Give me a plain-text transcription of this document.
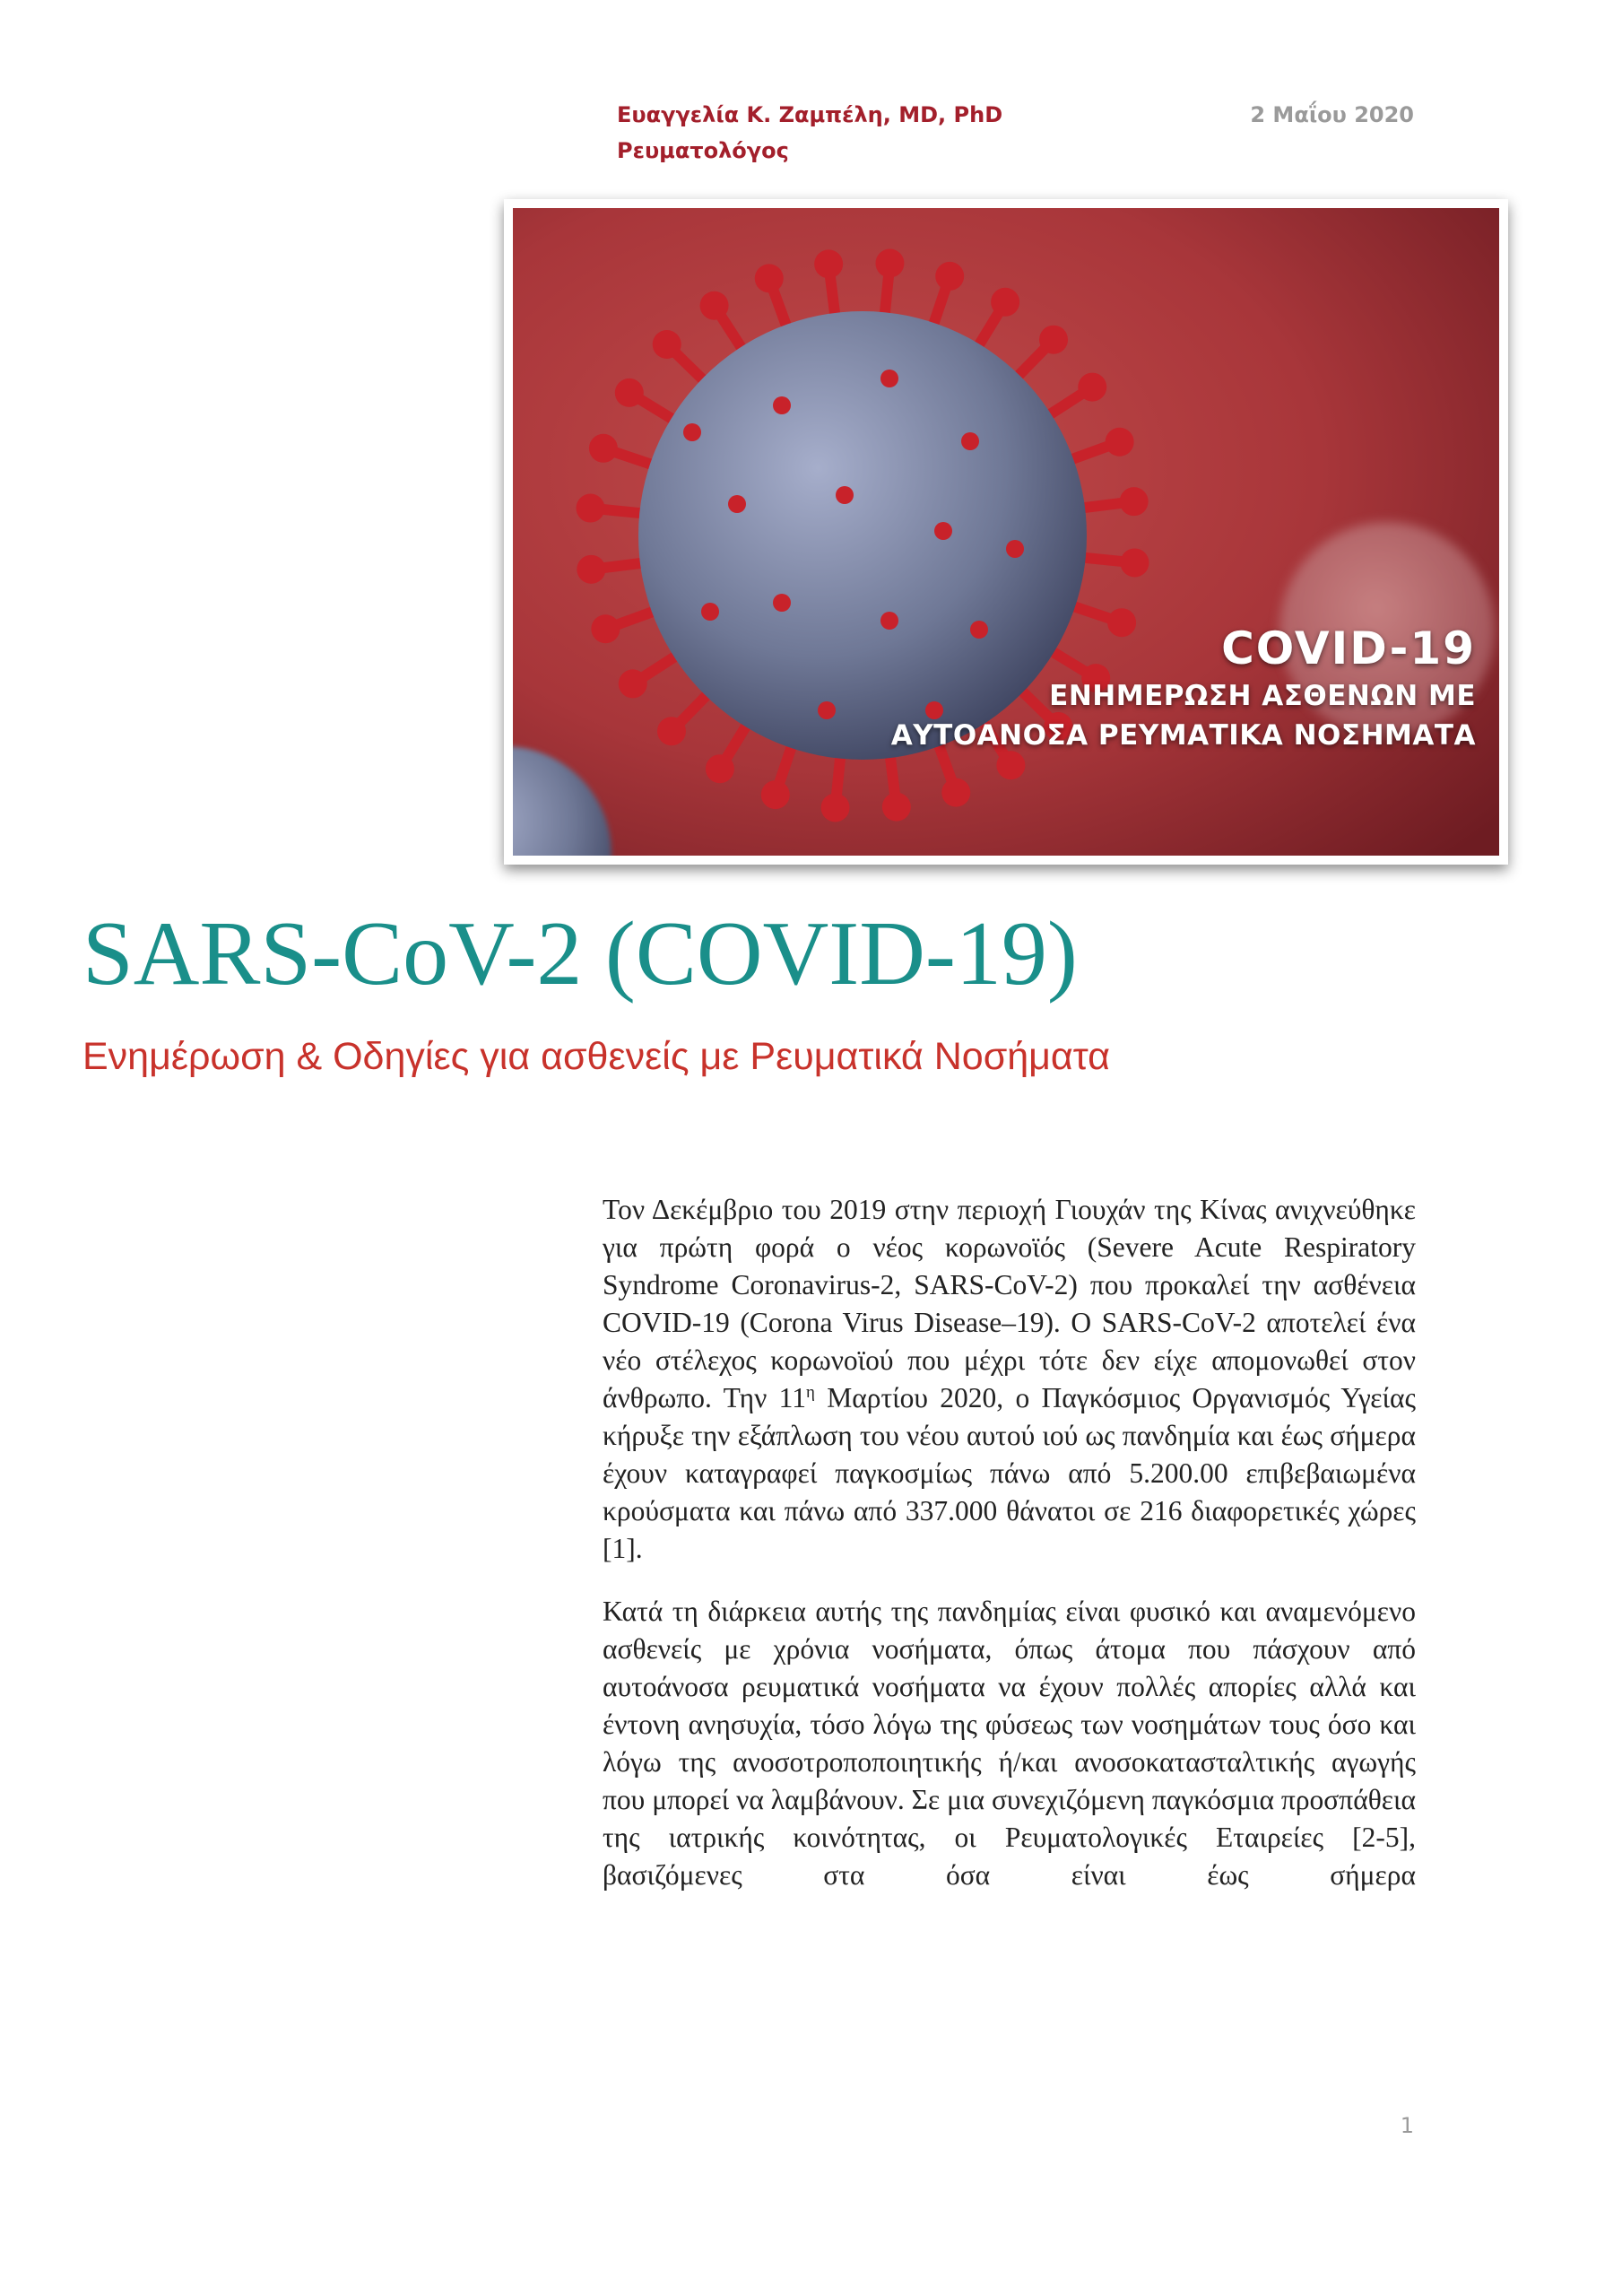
Ευαγγελία Κ. Ζαμπέλη, MD, PhD
Ρευματολόγος
2 Μαΐου 2020
COVID-19
ΕΝΗΜΕΡΩΣΗ ΑΣΘΕΝΩΝ ΜΕ
ΑΥΤΟΑΝΟΣΑ ΡΕΥΜΑΤΙΚΑ ΝΟΣΗΜΑΤΑ
SARS-CoV-2 (COVID-19)
Ενημέρωση & Οδηγίες για ασθενείς με Ρευματικά Νοσήματα

Τον Δεκέμβριο του 2019 στην περιοχή Γιουχάν της Κίνας ανιχνεύθηκε για πρώτη φορά ο νέος κορωνοϊός (Severe Acute Respiratory Syndrome Coronavirus-2, SARS-CoV-2) που προκαλεί την ασθένεια COVID-19 (Corona Virus Disease–19). Ο SARS-CoV-2 αποτελεί ένα νέο στέλεχος κορωνοϊού που μέχρι τότε δεν είχε απομονωθεί στον άνθρωπο. Την $11^\eta$ Μαρτίου 2020, ο Παγκόσμιος Οργανισμός Υγείας κήρυξε την εξάπλωση του νέου αυτού ιού ως πανδημία και έως σήμερα έχουν καταγραφεί παγκοσμίως πάνω από 5.200.00 επιβεβαιωμένα κρούσματα και πάνω από 337.000 θάνατοι σε 216 διαφορετικές χώρες [1].

Κατά τη διάρκεια αυτής της πανδημίας είναι φυσικό και αναμενόμενο ασθενείς με χρόνια νοσήματα, όπως άτομα που πάσχουν από αυτοάνοσα ρευματικά νοσήματα να έχουν πολλές απορίες αλλά και έντονη ανησυχία, τόσο λόγω της φύσεως των νοσημάτων τους όσο και λόγω της ανοσοτροποποιητικής ή/και ανοσοκατασταλτικής αγωγής που μπορεί να λαμβάνουν. Σε μια συνεχιζόμενη παγκόσμια προσπάθεια της ιατρικής κοινότητας, οι Ρευματολογικές Εταιρείες [2-5], βασιζόμενες στα όσα είναι έως σήμερα

1
